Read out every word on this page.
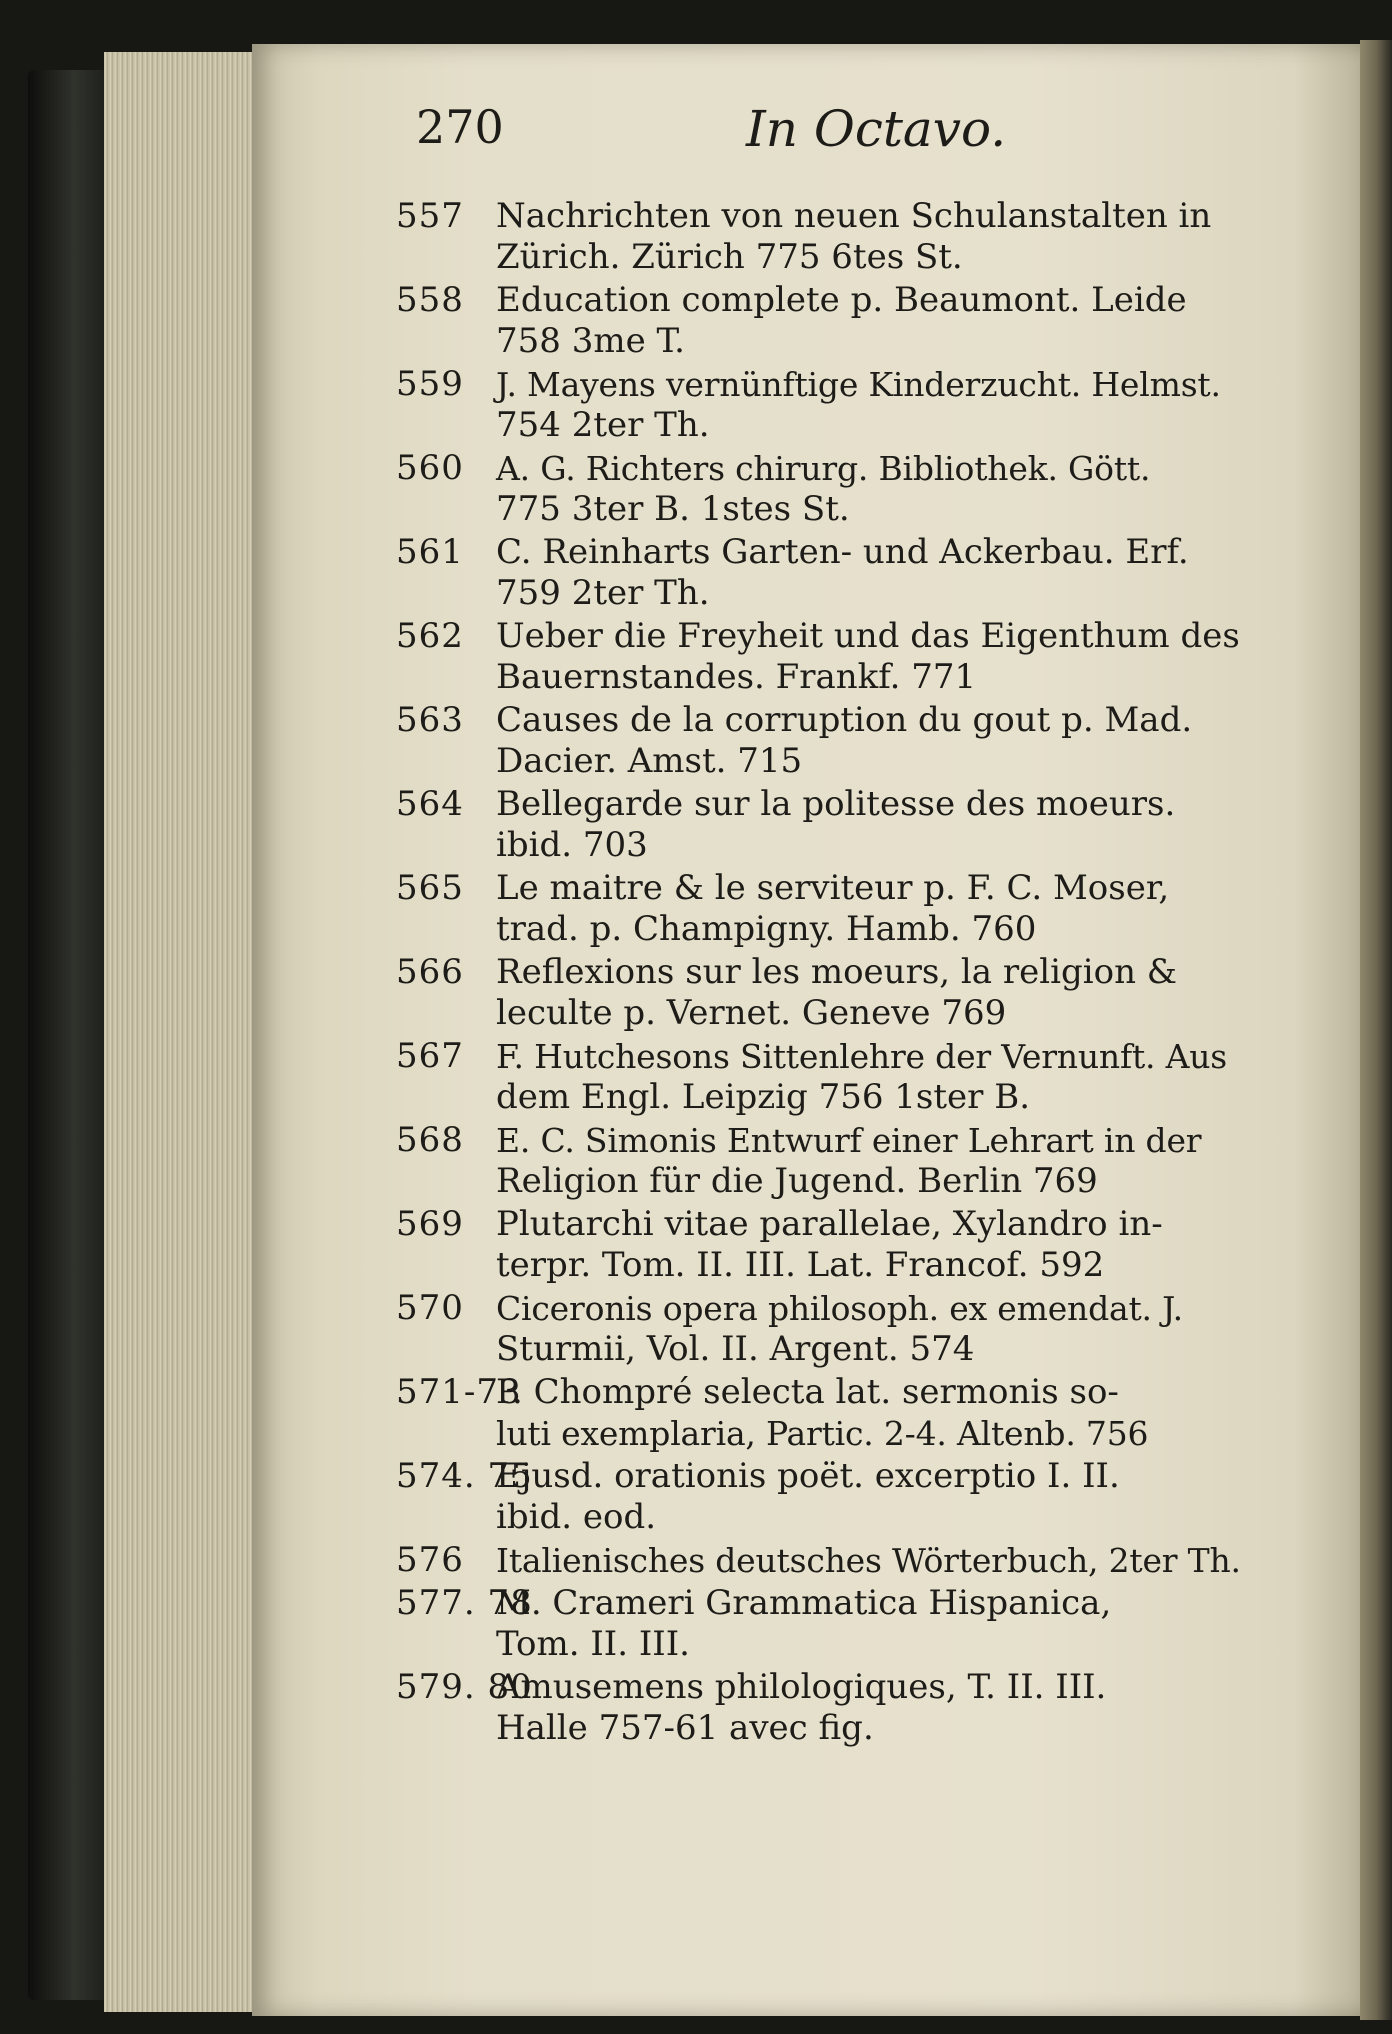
270	In Octavo.
557 Nachrichten von neuen Schulanstalten in
Zürich. Zürich 775 6tes St.
558 Education complete p. Beaumont. Leide
758 3me T.
559 J. Mayens vernünftige Kinderzucht. Helmst.
754 2ter Th.
560 A. G. Richters chirurg. Bibliothek. Gött.
775 3ter B. 1stes St.
561 C. Reinharts Garten- und Ackerbau. Erf.
759 2ter Th.
562 Ueber die Freyheit und das Eigenthum des
Bauernstandes. Frankf. 771
563 Causes de la corruption du gout p. Mad.
Dacier. Amst. 715
564 Bellegarde sur la politesse des moeurs.
ibid. 703
565 Le maitre & le serviteur p. F. C. Moser,
trad. p. Champigny. Hamb. 760
566 Reflexions sur les moeurs, la religion &
leculte p. Vernet. Geneve 769
567 F. Hutchesons Sittenlehre der Vernunft. Aus
dem Engl. Leipzig 756 1ster B.
568 E. C. Simonis Entwurf einer Lehrart in der
Religion für die Jugend. Berlin 769
569 Plutarchi vitae parallelae, Xylandro in-
terpr. Tom. II. III. Lat. Francof. 592
570 Ciceronis opera philosoph. ex emendat. J.
Sturmii, Vol. II. Argent. 574
571-73
P. Chompré selecta lat. sermonis so-
luti exemplaria, Partic. 2-4. Altenb. 756
574. 75
Ejusd. orationis poët. excerptio I. II.
ibid. eod.
576 Italienisches deutsches Wörterbuch, 2ter Th.
577. 78
M. Crameri Grammatica Hispanica,
Tom. II. III.
579. 80
Amusemens philologiques, T. II. III.
Halle 757-61 avec fig.
